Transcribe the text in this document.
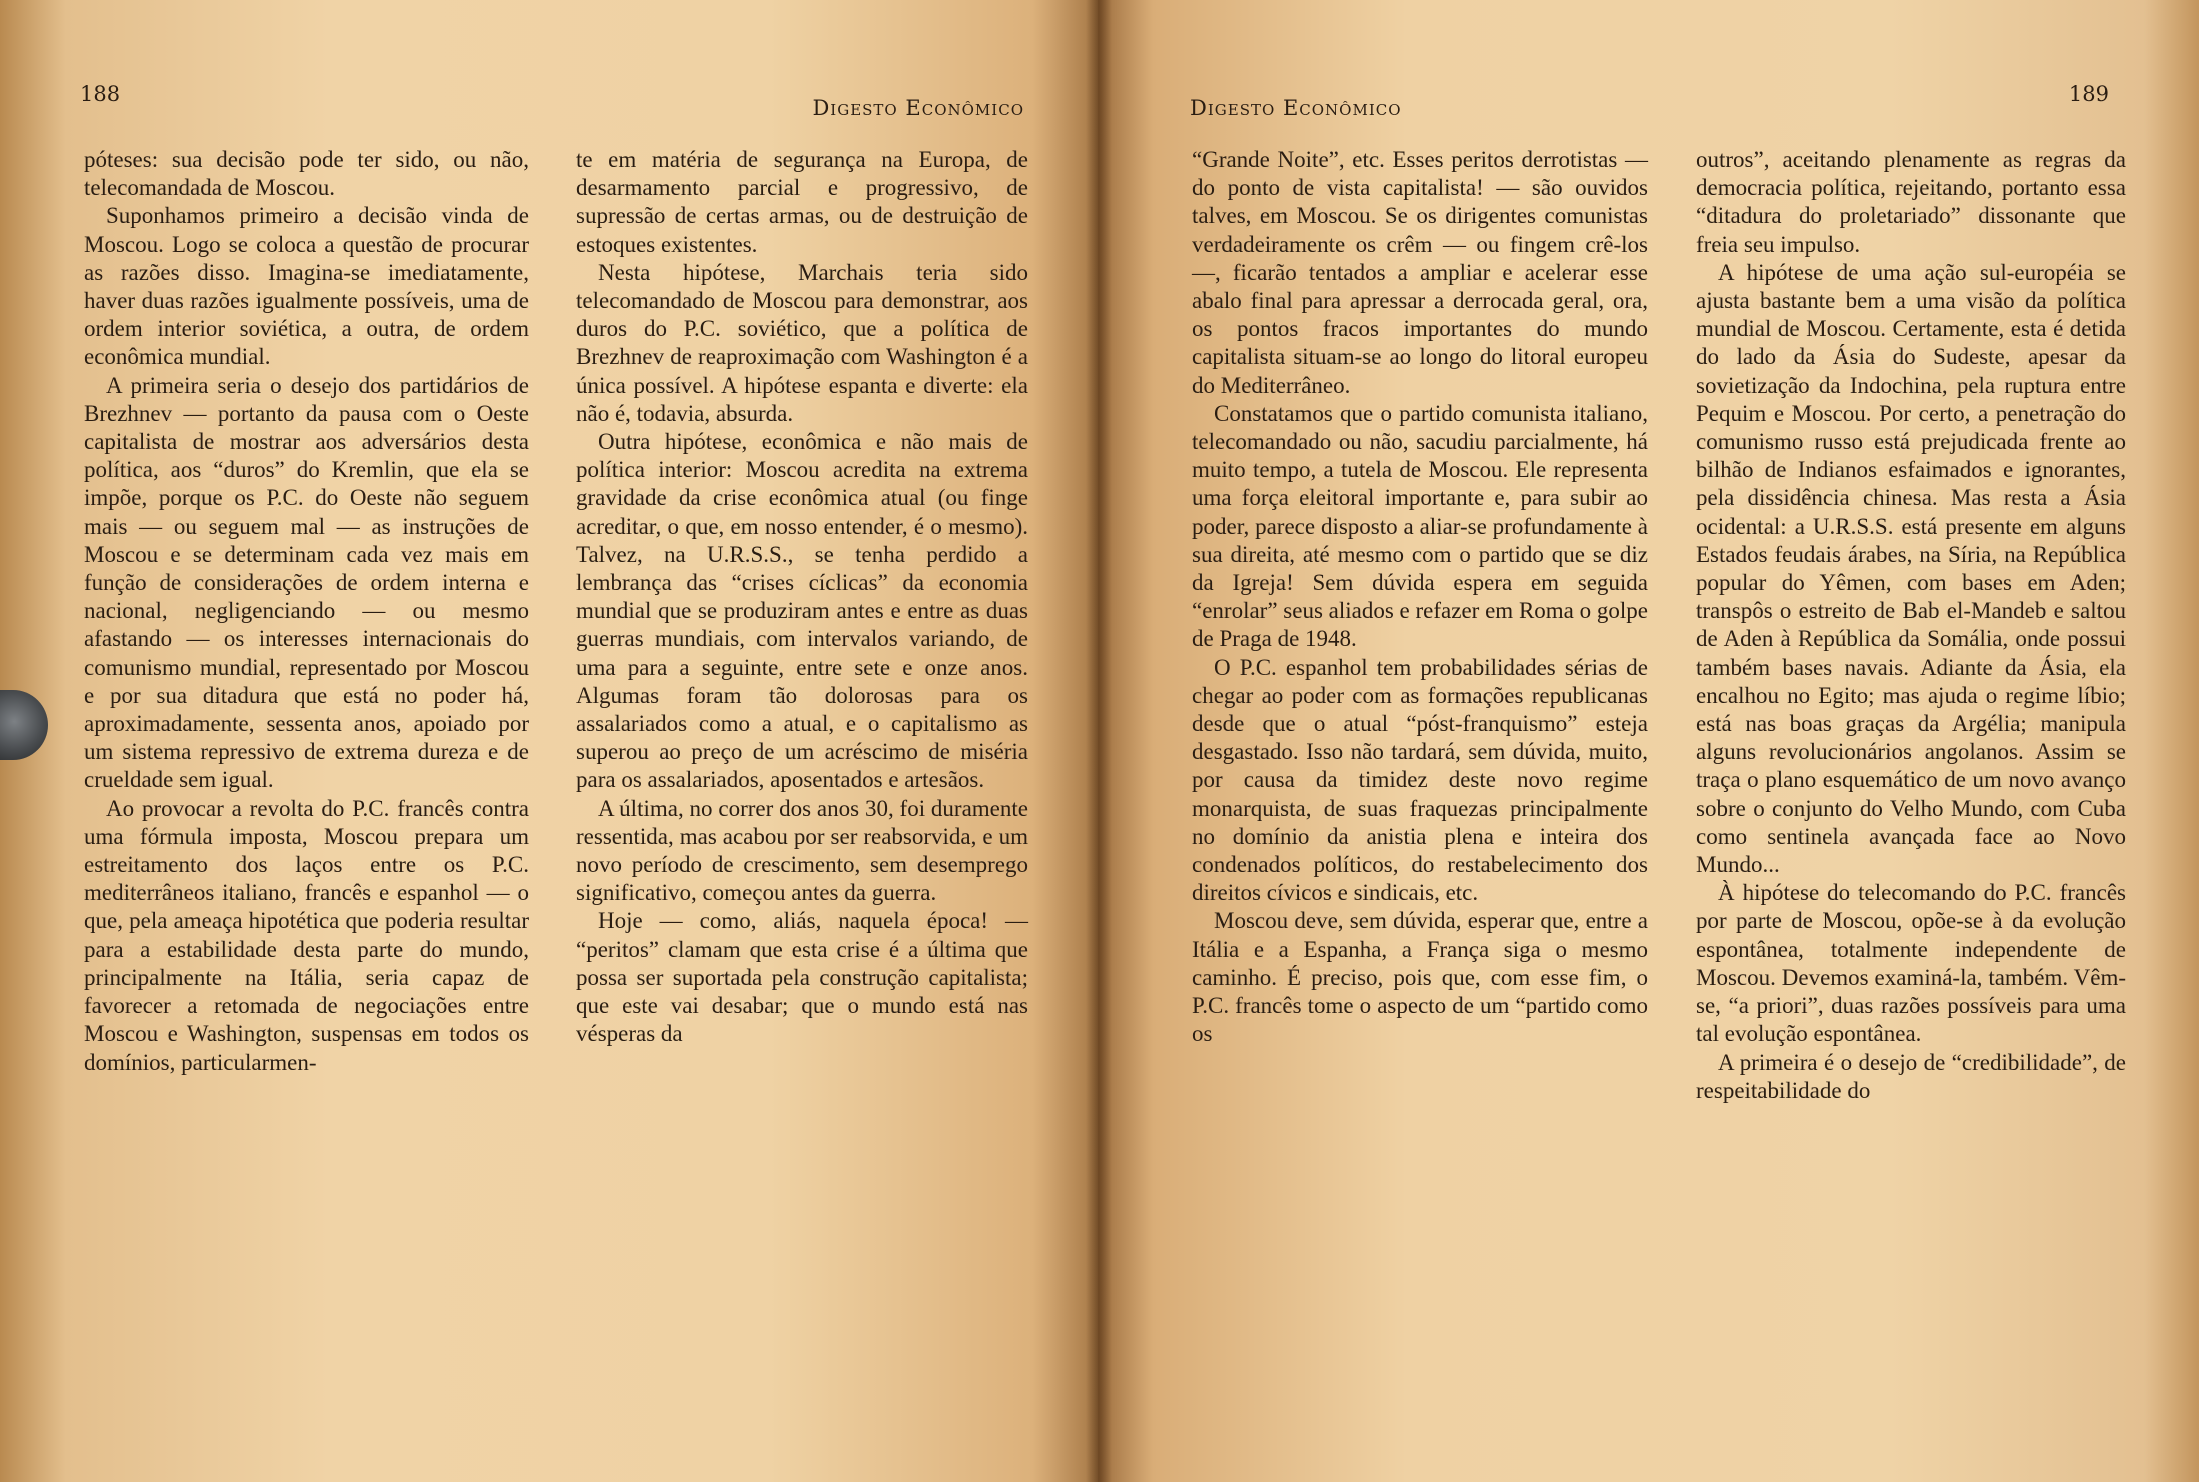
188
Digesto Econômico

póteses: sua decisão pode ter sido, ou não, telecomandada de Moscou.

Suponhamos primeiro a decisão vinda de Moscou. Logo se coloca a questão de procurar as razões disso. Imagina-se imediatamente, haver duas razões igualmente possíveis, uma de ordem interior soviética, a outra, de ordem econômica mundial.

A primeira seria o desejo dos partidários de Brezhnev — portanto da pausa com o Oeste capitalista de mostrar aos adversários desta política, aos “duros” do Kremlin, que ela se impõe, porque os P.C. do Oeste não seguem mais — ou seguem mal — as instruções de Moscou e se determinam cada vez mais em função de considerações de ordem interna e nacional, negligenciando — ou mesmo afastando — os interesses internacionais do comunismo mundial, representado por Moscou e por sua ditadura que está no poder há, aproximadamente, sessenta anos, apoiado por um sistema repressivo de extrema dureza e de crueldade sem igual.

Ao provocar a revolta do P.C. francês contra uma fórmula imposta, Moscou prepara um estreitamento dos laços entre os P.C. mediterrâneos italiano, francês e espanhol — o que, pela ameaça hipotética que poderia resultar para a estabilidade desta parte do mundo, principalmente na Itália, seria capaz de favorecer a retomada de negociações entre Moscou e Washington, suspensas em todos os domínios, particularmen-

te em matéria de segurança na Europa, de desarmamento parcial e progressivo, de supressão de certas armas, ou de destruição de estoques existentes.

Nesta hipótese, Marchais teria sido telecomandado de Moscou para demonstrar, aos duros do P.C. soviético, que a política de Brezhnev de reaproximação com Washington é a única possível. A hipótese espanta e diverte: ela não é, todavia, absurda.

Outra hipótese, econômica e não mais de política interior: Moscou acredita na extrema gravidade da crise econômica atual (ou finge acreditar, o que, em nosso entender, é o mesmo). Talvez, na U.R.S.S., se tenha perdido a lembrança das “crises cíclicas” da economia mundial que se produziram antes e entre as duas guerras mundiais, com intervalos variando, de uma para a seguinte, entre sete e onze anos. Algumas foram tão dolorosas para os assalariados como a atual, e o capitalismo as superou ao preço de um acréscimo de miséria para os assalariados, aposentados e artesãos.

A última, no correr dos anos 30, foi duramente ressentida, mas acabou por ser reabsorvida, e um novo período de crescimento, sem desemprego significativo, começou antes da guerra.

Hoje — como, aliás, naquela época! — “peritos” clamam que esta crise é a última que possa ser suportada pela construção capitalista; que este vai desabar; que o mundo está nas vésperas da

189
Digesto Econômico

“Grande Noite”, etc. Esses peritos derrotistas — do ponto de vista capitalista! — são ouvidos talves, em Moscou. Se os dirigentes comunistas verdadeiramente os crêm — ou fingem crê-los —, ficarão tentados a ampliar e acelerar esse abalo final para apressar a derrocada geral, ora, os pontos fracos importantes do mundo capitalista situam-se ao longo do litoral europeu do Mediterrâneo.

Constatamos que o partido comunista italiano, telecomandado ou não, sacudiu parcialmente, há muito tempo, a tutela de Moscou. Ele representa uma força eleitoral importante e, para subir ao poder, parece disposto a aliar-se profundamente à sua direita, até mesmo com o partido que se diz da Igreja! Sem dúvida espera em seguida “enrolar” seus aliados e refazer em Roma o golpe de Praga de 1948.

O P.C. espanhol tem probabilidades sérias de chegar ao poder com as formações republicanas desde que o atual “póst-franquismo” esteja desgastado. Isso não tardará, sem dúvida, muito, por causa da timidez deste novo regime monarquista, de suas fraquezas principalmente no domínio da anistia plena e inteira dos condenados políticos, do restabelecimento dos direitos cívicos e sindicais, etc.

Moscou deve, sem dúvida, esperar que, entre a Itália e a Espanha, a França siga o mesmo caminho. É preciso, pois que, com esse fim, o P.C. francês tome o aspecto de um “partido como os

outros”, aceitando plenamente as regras da democracia política, rejeitando, portanto essa “ditadura do proletariado” dissonante que freia seu impulso.

A hipótese de uma ação sul-européia se ajusta bastante bem a uma visão da política mundial de Moscou. Certamente, esta é detida do lado da Ásia do Sudeste, apesar da sovietização da Indochina, pela ruptura entre Pequim e Moscou. Por certo, a penetração do comunismo russo está prejudicada frente ao bilhão de Indianos esfaimados e ignorantes, pela dissidência chinesa. Mas resta a Ásia ocidental: a U.R.S.S. está presente em alguns Estados feudais árabes, na Síria, na República popular do Yêmen, com bases em Aden; transpôs o estreito de Bab el-Mandeb e saltou de Aden à República da Somália, onde possui também bases navais. Adiante da Ásia, ela encalhou no Egito; mas ajuda o regime líbio; está nas boas graças da Argélia; manipula alguns revolucionários angolanos. Assim se traça o plano esquemático de um novo avanço sobre o conjunto do Velho Mundo, com Cuba como sentinela avançada face ao Novo Mundo...

À hipótese do telecomando do P.C. francês por parte de Moscou, opõe-se à da evolução espontânea, totalmente independente de Moscou. Devemos examiná-la, também. Vêm-se, “a priori”, duas razões possíveis para uma tal evolução espontânea.

A primeira é o desejo de “credibilidade”, de respeitabilidade do
